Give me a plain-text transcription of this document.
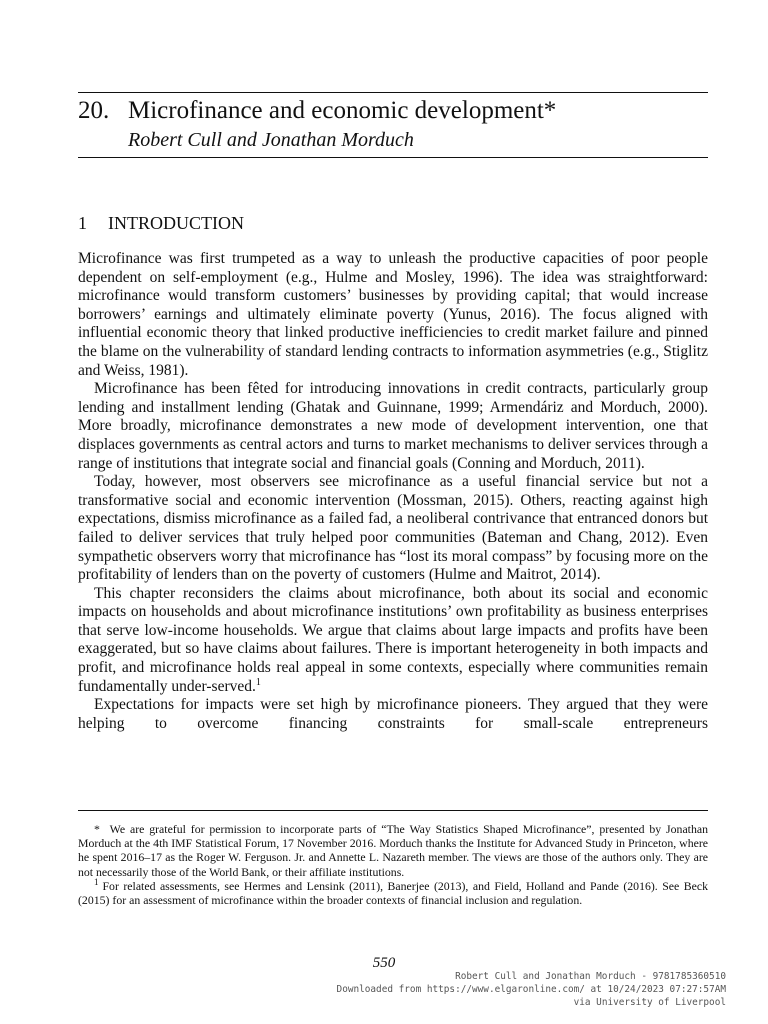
20. Microfinance and economic development*
Robert Cull and Jonathan Morduch
1 INTRODUCTION

Microfinance was first trumpeted as a way to unleash the productive capacities of poor people dependent on self-employment (e.g., Hulme and Mosley, 1996). The idea was straightforward: microfinance would transform customers’ businesses by providing capital; that would increase borrowers’ earnings and ultimately eliminate poverty (Yunus, 2016). The focus aligned with influential economic theory that linked productive inefficiencies to credit market failure and pinned the blame on the vulnerability of standard lending contracts to information asymmetries (e.g., Stiglitz and Weiss, 1981).

Microfinance has been fêted for introducing innovations in credit contracts, particularly group lending and installment lending (Ghatak and Guinnane, 1999; Armendáriz and Morduch, 2000). More broadly, microfinance demonstrates a new mode of development intervention, one that displaces governments as central actors and turns to market mechanisms to deliver services through a range of institutions that integrate social and financial goals (Conning and Morduch, 2011).

Today, however, most observers see microfinance as a useful financial service but not a transformative social and economic intervention (Mossman, 2015). Others, reacting against high expectations, dismiss microfinance as a failed fad, a neoliberal contrivance that entranced donors but failed to deliver services that truly helped poor communities (Bateman and Chang, 2012). Even sympathetic observers worry that microfinance has “lost its moral compass” by focusing more on the profitability of lenders than on the poverty of customers (Hulme and Maitrot, 2014).

This chapter reconsiders the claims about microfinance, both about its social and economic impacts on households and about microfinance institutions’ own profitability as business enterprises that serve low-income households. We argue that claims about large impacts and profits have been exaggerated, but so have claims about failures. There is important heterogeneity in both impacts and profit, and microfinance holds real appeal in some contexts, especially where communities remain fundamentally under-served.$^1$

Expectations for impacts were set high by microfinance pioneers. They argued that they were helping to overcome financing constraints for small-scale entrepreneurs

* We are grateful for permission to incorporate parts of “The Way Statistics Shaped Microfinance”, presented by Jonathan Morduch at the 4th IMF Statistical Forum, 17 November 2016. Morduch thanks the Institute for Advanced Study in Princeton, where he spent 2016–17 as the Roger W. Ferguson. Jr. and Annette L. Nazareth member. The views are those of the authors only. They are not necessarily those of the World Bank, or their affiliate institutions.

$^1$ For related assessments, see Hermes and Lensink (2011), Banerjee (2013), and Field, Holland and Pande (2016). See Beck (2015) for an assessment of microfinance within the broader contexts of financial inclusion and regulation.

550
Robert Cull and Jonathan Morduch - 9781785360510
Downloaded from https://www.elgaronline.com/ at 10/24/2023 07:27:57AM
via University of Liverpool
